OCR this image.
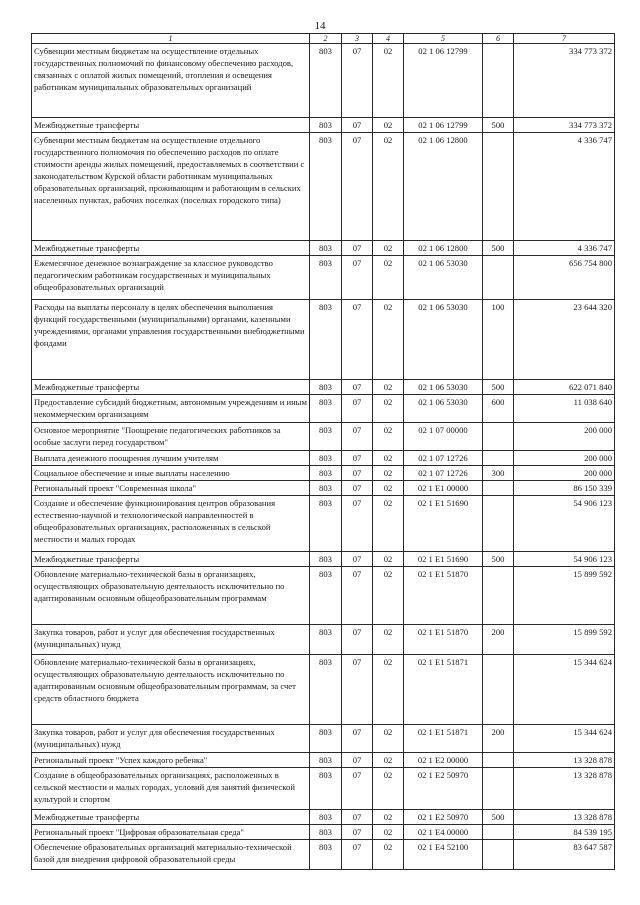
14
1	2	3	4	5	6	7
Субвенции местным бюджетам на осуществление отдельных государственных полномочий по финансовому обеспечению расходов, связанных с оплатой жилых помещений, отопления и освещения работникам муниципальных образовательных организаций	803	07	02	02 1 06 12799		334 773 372
Межбюджетные трансферты	803	07	02	02 1 06 12799	500	334 773 372
Субвенции местным бюджетам на осуществление отдельного государственного полномочия по обеспечению расходов по оплате стоимости аренды жилых помещений, предоставляемых в соответствии с законодательством Курской области работникам муниципальных образовательных организаций, проживающим и работающим в сельских населенных пунктах, рабочих поселках (поселках городского типа)	803	07	02	02 1 06 12800		4 336 747
Межбюджетные трансферты	803	07	02	02 1 06 12800	500	4 336 747
Ежемесячное денежное вознаграждение за классное руководство педагогическим работникам государственных и муниципальных общеобразовательных организаций	803	07	02	02 1 06 53030		656 754 800
Расходы на выплаты персоналу в целях обеспечения выполнения функций государственными (муниципальными) органами, казенными учреждениями, органами управления государственными внебюджетными фондами	803	07	02	02 1 06 53030	100	23 644 320
Межбюджетные трансферты	803	07	02	02 1 06 53030	500	622 071 840
Предоставление субсидий бюджетным, автономным учреждениям и иным некоммерческим организациям	803	07	02	02 1 06 53030	600	11 038 640
Основное мероприятие "Поощрение педагогических работников за особые заслуги перед государством"	803	07	02	02 1 07 00000		200 000
Выплата денежного поощрения лучшим учителям	803	07	02	02 1 07 12726		200 000
Социальное обеспечение и иные выплаты населению	803	07	02	02 1 07 12726	300	200 000
Региональный проект "Современная школа"	803	07	02	02 1 E1 00000		86 150 339
Создание и обеспечение функционирования центров образования естественно-научной и технологической направленностей в общеобразовательных организациях, расположенных в сельской местности и малых городах	803	07	02	02 1 E1 51690		54 906 123
Межбюджетные трансферты	803	07	02	02 1 E1 51690	500	54 906 123
Обновление материально-технической базы в организациях, осуществляющих образовательную деятельность исключительно по адаптированным основным общеобразовательным программам	803	07	02	02 1 E1 51870		15 899 592
Закупка товаров, работ и услуг для обеспечения государственных (муниципальных) нужд	803	07	02	02 1 E1 51870	200	15 899 592
Обновление материально-технической базы в организациях, осуществляющих образовательную деятельность исключительно по адаптированным основным общеобразовательным программам, за счет средств областного бюджета	803	07	02	02 1 E1 51871		15 344 624
Закупка товаров, работ и услуг для обеспечения государственных (муниципальных) нужд	803	07	02	02 1 E1 51871	200	15 344 624
Региональный проект "Успех каждого ребенка"	803	07	02	02 1 E2 00000		13 328 878
Создание в общеобразовательных организациях, расположенных в сельской местности и малых городах, условий для занятий физической культурой и спортом	803	07	02	02 1 E2 50970		13 328 878
Межбюджетные трансферты	803	07	02	02 1 E2 50970	500	13 328 878
Региональный проект "Цифровая образовательная среда"	803	07	02	02 1 E4 00000		84 539 195
Обеспечение образовательных организаций материально-технической базой для внедрения цифровой образовательной среды	803	07	02	02 1 E4 52100		83 647 587
